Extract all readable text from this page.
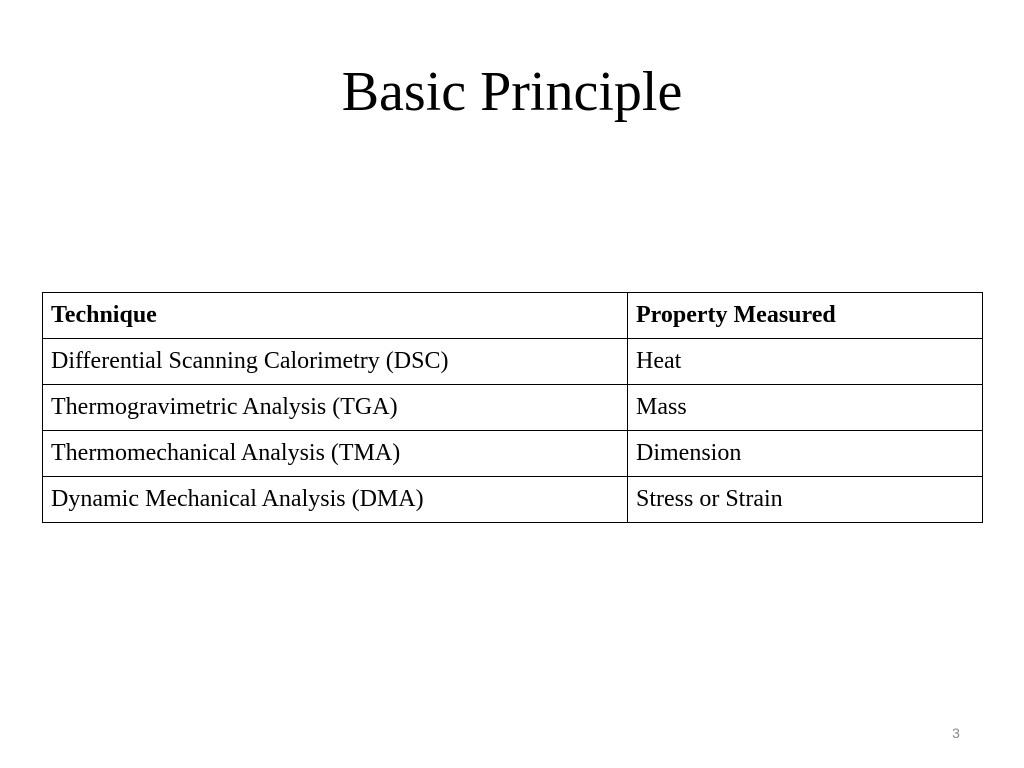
Basic Principle
Technique	Property Measured
Differential Scanning Calorimetry (DSC)	Heat
Thermogravimetric Analysis (TGA)	Mass
Thermomechanical Analysis (TMA)	Dimension
Dynamic Mechanical Analysis (DMA)	Stress or Strain
3
